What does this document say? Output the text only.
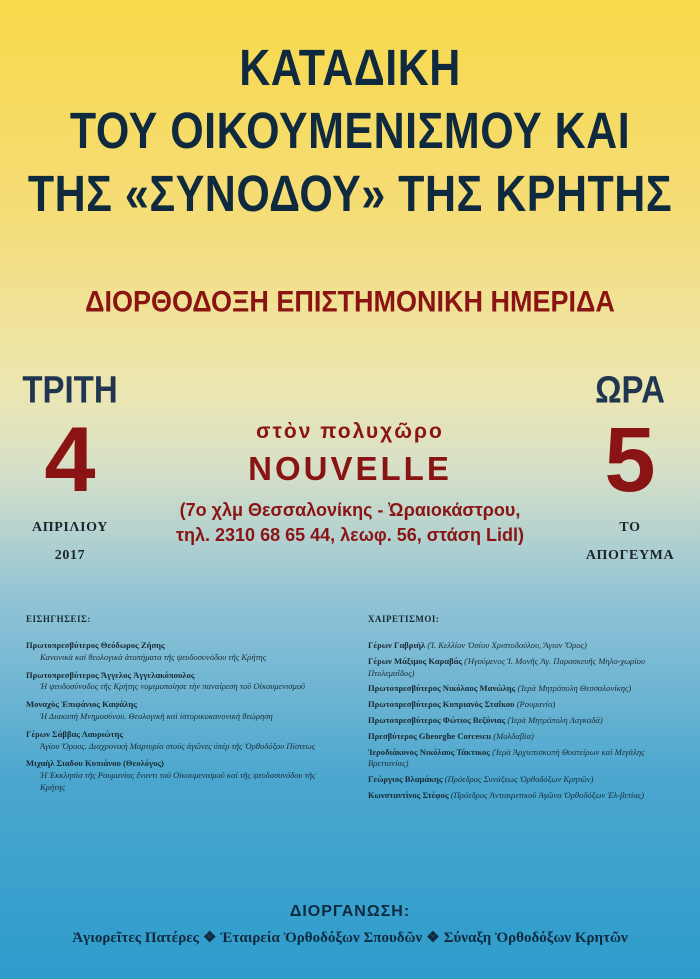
ΚΑΤΑΔΙΚΗ
ΤΟΥ ΟΙΚΟΥΜΕΝΙΣΜΟΥ ΚΑΙ
ΤΗΣ «ΣΥΝΟΔΟΥ» ΤΗΣ ΚΡΗΤΗΣ
ΔΙΟΡΘΟΔΟΞΗ ΕΠΙΣΤΗΜΟΝΙΚΗ ΗΜΕΡΙΔΑ
ΤΡΙΤΗ
4
ΑΠΡΙΛΙΟΥ
2017
στὸν πολυχῶρο
NOUVELLE
(7ο χλμ Θεσσαλονίκης - Ὠραιοκάστρου,
τηλ. 2310 68 65 44, λεωφ. 56, στάση Lidl)
ΩΡΑ
5
ΤΟ
ΑΠΟΓΕΥΜΑ
ΕΙΣΗΓΗΣΕΙΣ:
Πρωτοπρεσβύτερος Θεόδωρος Ζήσης
Κανονικὰ καὶ θεολογικὰ ἀτοπήματα τῆς ψευδοσυνόδου τῆς Κρήτης
Πρωτοπρεσβύτερος Ἄγγελος Ἀγγελακόπουλος
Ἡ ψευδοσύνοδος τῆς Κρήτης νομιμοποίησε τὴν παναίρεση τοῦ Οἰκουμενισμοῦ
Μοναχὸς Ἐπιφάνιος Καψάλης
Ἡ Διακοπὴ Μνημοσύνου. Θεολογικὴ καὶ ἱστορικοκανονικὴ θεώρηση
Γέρων Σάββας Λαυριώτης
Ἁγίου Ὄρους. Διαχρονικὴ Μαρτυρία στοὺς ἀγῶνες ὑπὲρ τῆς Ὀρθοδόξου Πίστεως
Μιχαὴλ Σιαδου Κυπιάνου (Θεολόγος)
Ἡ Ἐκκλησία τῆς Ρουμανίας ἔναντι τοῦ Οἰκουμενισμοῦ καὶ τῆς ψευδοσυνόδου τῆς Κρήτης
ΧΑΙΡΕΤΙΣΜΟΙ:
Γέρων Γαβριὴλ (Ἱ. Κελλίον Ὁσίου Χριστοδούλου, Ἅγιον Ὄρος)
Γέρων Μάξιμος Καραβάς (Ἡγούμενος Ἱ. Μονῆς Ἁγ. Παρασκευῆς Μηλο-χωρίου Πτολεμαΐδος)
Πρωτοπρεσβύτερος Νικόλαος Μανώλης (Ἱερὰ Μητρόπολη Θεσσαλονίκης)
Πρωτοπρεσβύτερος Κυπριανὸς Σταΐκου (Ρουμανία)
Πρωτοπρεσβύτερος Φώτιος Βεζύνιας (Ἱερὰ Μητρόπολη Λαγκαδᾶ)
Πρεσβύτερος Gheorghe Corcescu (Μολδαβία)
Ἱεροδιάκονος Νικόλαος Τάκτικος (Ἱερὰ Ἀρχιεπισκοπὴ Θυατείρων καὶ Μεγάλης Βρεττανίας)
Γεώργιος Βλαμάκης (Πρόεδρος Συνάξεως Ὀρθοδόξων Κρητῶν)
Κωνσταντίνος Στέφος (Πρόεδρος Ἀντιαιρετικοῦ Ἀγῶνα Ὀρθοδόξων Ἑλ-βετίας)
ΔΙΟΡΓΑΝΩΣΗ:
Ἁγιορεῖτες Πατέρες ❖ Ἑταιρεία Ὀρθοδόξων Σπουδῶν ❖ Σύναξη Ὀρθοδόξων Κρητῶν
